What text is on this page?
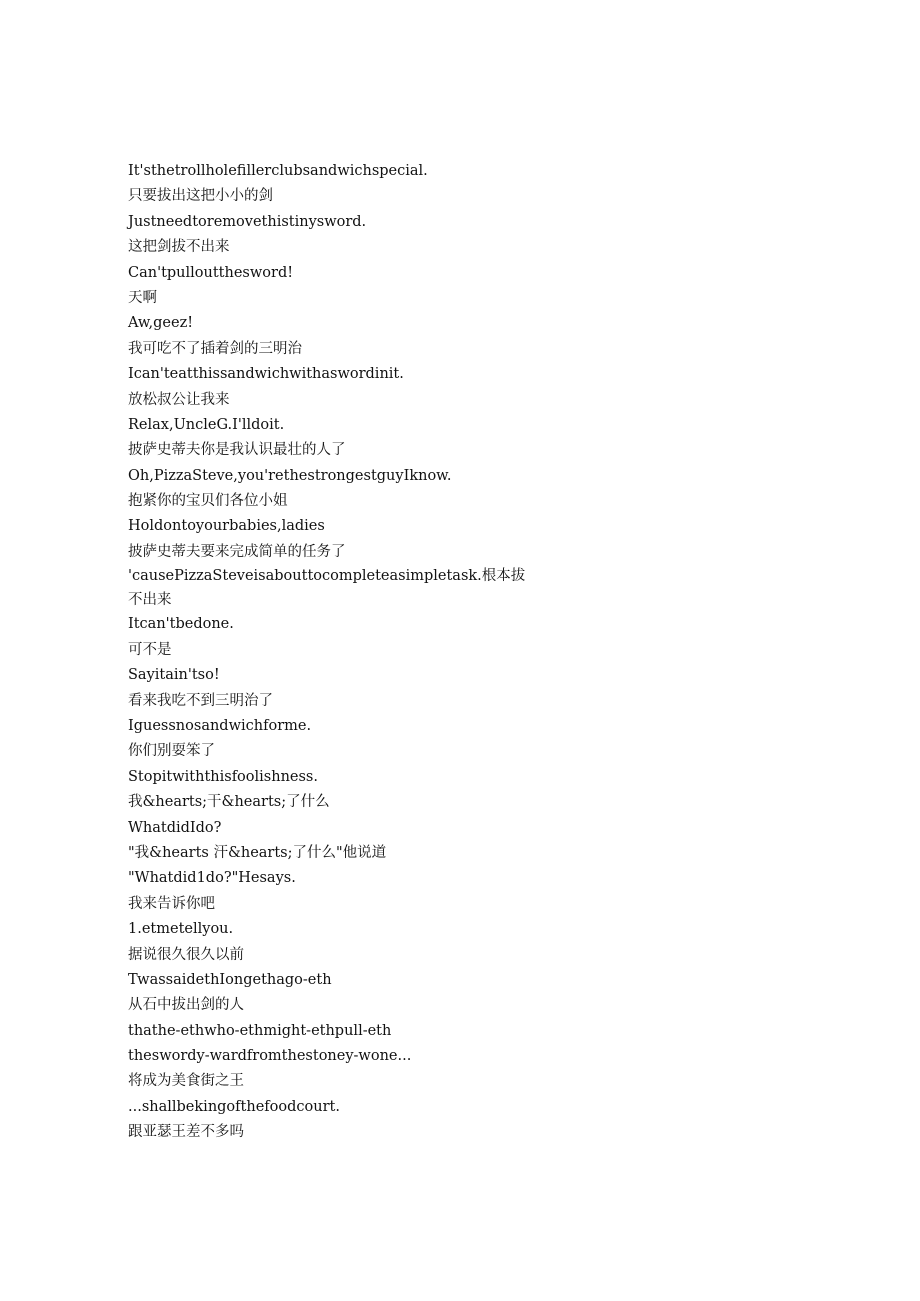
It'sthetrollholefillerclubsandwichspecial.
只要拔出这把小小的剑
Justneedtoremovethistinysword.
这把剑拔不出来
Can'tpulloutthesword!
天啊
Aw,geez!
我可吃不了插着剑的三明治
Ican'teatthissandwichwithaswordinit.
放松叔公让我来
Relax,UncleG.I'lldoit.
披萨史蒂夫你是我认识最壮的人了
Oh,PizzaSteve,you'rethestrongestguyIknow.
抱紧你的宝贝们各位小姐
Holdontoyourbabies,ladies
披萨史蒂夫要来完成简单的任务了
'causePizzaSteveisabouttocompleteasimpletask.根本拔不出来
Itcan'tbedone.
可不是
Sayitain'tso!
看来我吃不到三明治了
Iguessnosandwichforme.
你们别耍笨了
Stopitwiththisfoolishness.
我&hearts;干&hearts;了什么
WhatdidIdo?
"我&hearts 汗&hearts;了什么"他说道
"Whatdid1do?"Hesays.
我来告诉你吧
1.etmetellyou.
据说很久很久以前
TwassaidethIongethago-eth
从石中拔出剑的人
thathe-ethwho-ethmight-ethpull-eth
theswordy-wardfromthestoney-wone...
将成为美食街之王
...shallbekingofthefoodcourt.
跟亚瑟王差不多吗
